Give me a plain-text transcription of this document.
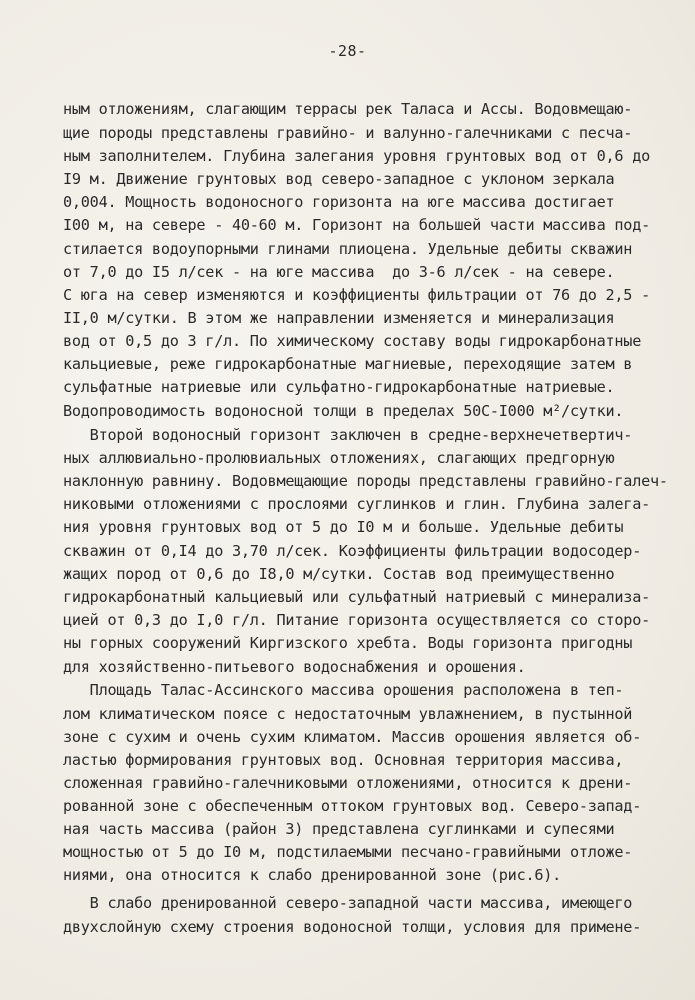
-28-
ным отложениям, слагающим террасы рек Таласа и Ассы. Водовмещаю-
щие породы представлены гравийно- и валунно-галечниками с песча-
ным заполнителем. Глубина залегания уровня грунтовых вод от 0,6 до
I9 м. Движение грунтовых вод северо-западное с уклоном зеркала
0,004. Мощность водоносного горизонта на юге массива достигает
I00 м, на севере - 40-60 м. Горизонт на большей части массива под-
стилается водоупорными глинами плиоцена. Удельные дебиты скважин
от 7,0 до I5 л/сек - на юге массива  до 3-6 л/сек - на севере.
С юга на север изменяются и коэффициенты фильтрации от 76 до 2,5 -
II,0 м/сутки. В этом же направлении изменяется и минерализация
вод от 0,5 до 3 г/л. По химическому составу воды гидрокарбонатные
кальциевые, реже гидрокарбонатные магниевые, переходящие затем в
сульфатные натриевые или сульфатно-гидрокарбонатные натриевые.
Водопроводимость водоносной толщи в пределах 50С-I000 м²/сутки.
Второй водоносный горизонт заключен в средне-верхнечетвертич-
ных аллювиально-пролювиальных отложениях, слагающих предгорную
наклонную равнину. Водовмещающие породы представлены гравийно-галеч-
никовыми отложениями с прослоями суглинков и глин. Глубина залега-
ния уровня грунтовых вод от 5 до I0 м и больше. Удельные дебиты
скважин от 0,I4 до 3,70 л/сек. Коэффициенты фильтрации водосодер-
жащих пород от 0,6 до I8,0 м/сутки. Состав вод преимущественно
гидрокарбонатный кальциевый или сульфатный натриевый с минерализа-
цией от 0,3 до I,0 г/л. Питание горизонта осуществляется со сторо-
ны горных сооружений Киргизского хребта. Воды горизонта пригодны
для хозяйственно-питьевого водоснабжения и орошения.
Площадь Талас-Ассинского массива орошения расположена в теп-
лом климатическом поясе с недостаточным увлажнением, в пустынной
зоне с сухим и очень сухим климатом. Массив орошения является об-
ластью формирования грунтовых вод. Основная территория массива,
сложенная гравийно-галечниковыми отложениями, относится к дрени-
рованной зоне с обеспеченным оттоком грунтовых вод. Северо-запад-
ная часть массива (район 3) представлена суглинками и супесями
мощностью от 5 до I0 м, подстилаемыми песчано-гравийными отложе-
ниями, она относится к слабо дренированной зоне (рис.6).
В слабо дренированной северо-западной части массива, имеющего
двухслойную схему строения водоносной толщи, условия для примене-
